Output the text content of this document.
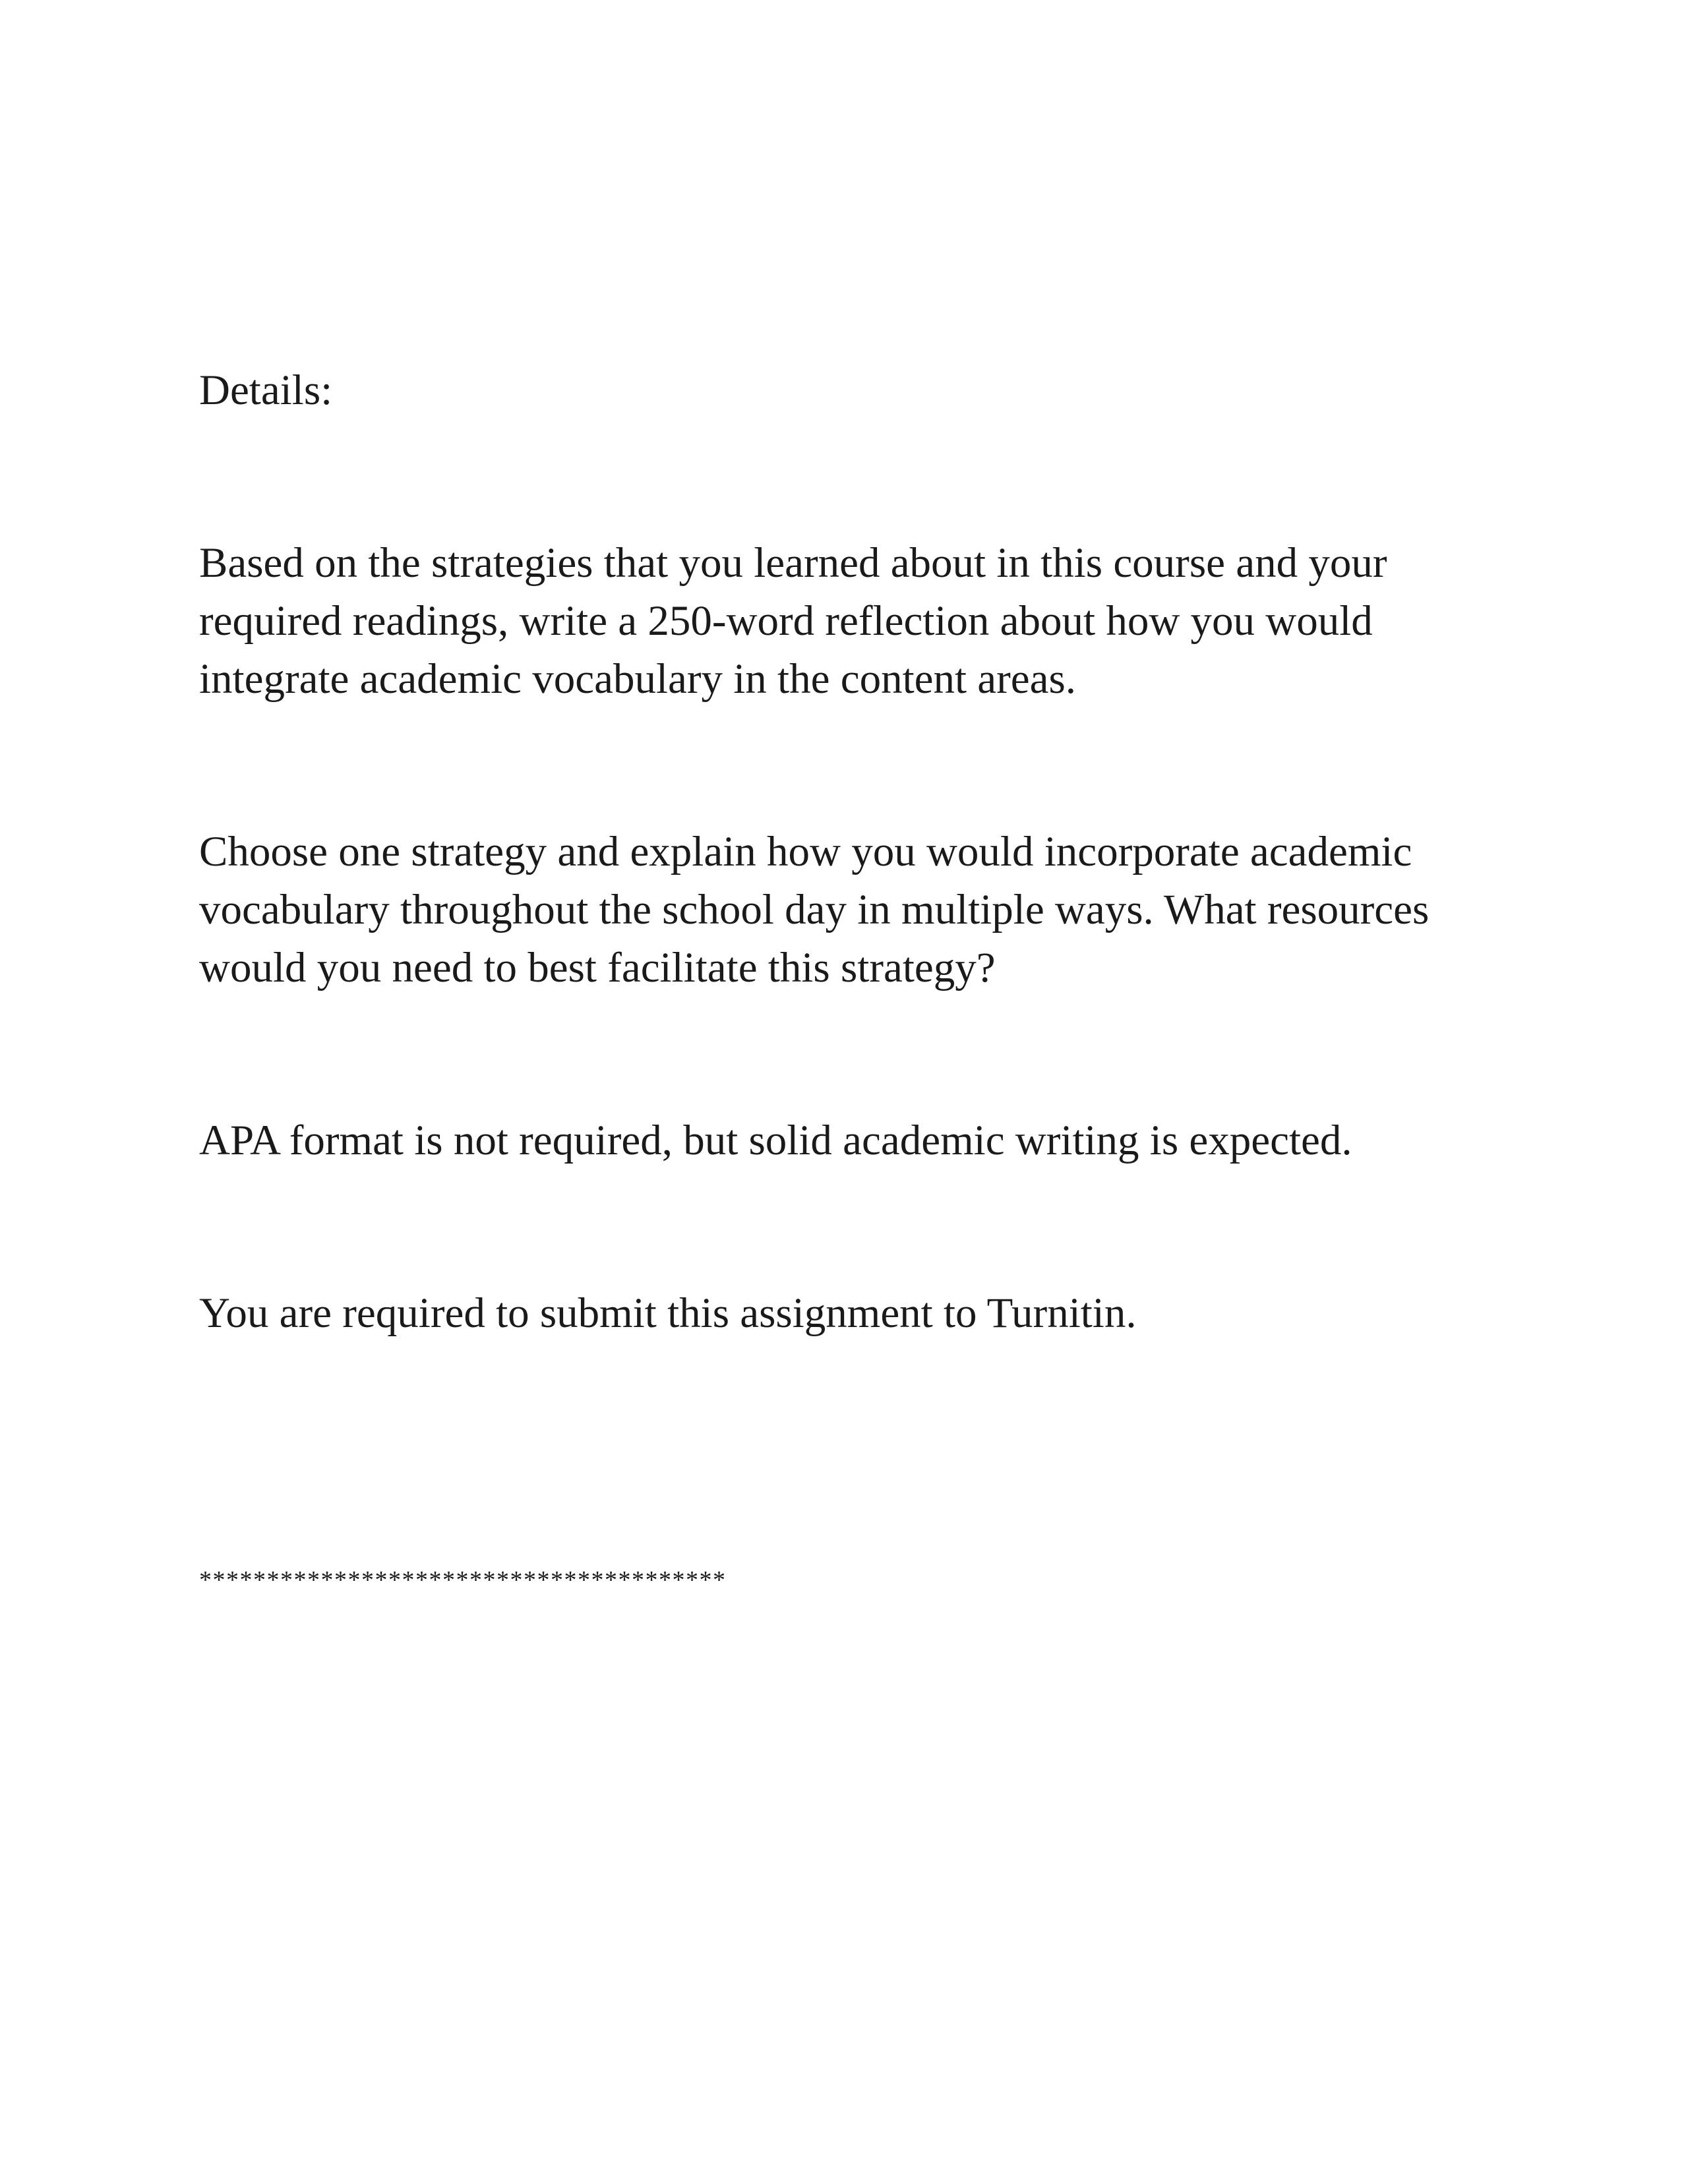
Details:

Based on the strategies that you learned about in this course and your required readings, write a 250-word reflection about how you would integrate academic vocabulary in the content areas.

Choose one strategy and explain how you would incorporate academic vocabulary throughout the school day in multiple ways. What resources would you need to best facilitate this strategy?

APA format is not required, but solid academic writing is expected.

You are required to submit this assignment to Turnitin.

***************************************
